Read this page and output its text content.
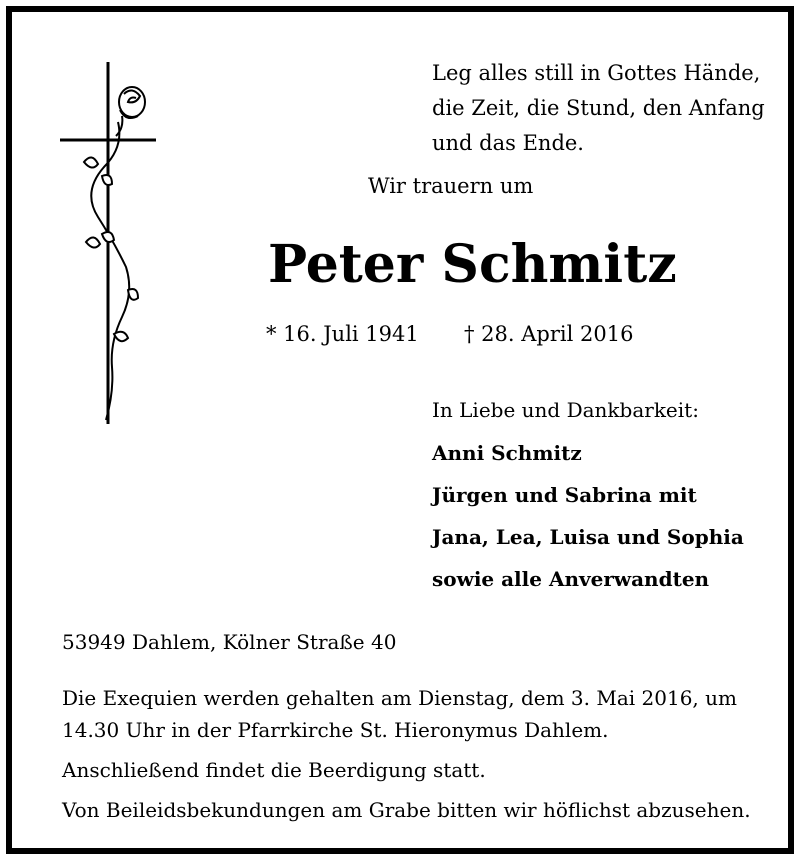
Leg alles still in Gottes Hände,
die Zeit, die Stund, den Anfang
und das Ende.
Wir trauern um
Peter Schmitz
* 16. Juli 1941 † 28. April 2016
In Liebe und Dankbarkeit:
Anni Schmitz
Jürgen und Sabrina mit
Jana, Lea, Luisa und Sophia
sowie alle Anverwandten
53949 Dahlem, Kölner Straße 40

Die Exequien werden gehalten am Dienstag, dem 3. Mai 2016, um 14.30 Uhr in der Pfarrkirche St. Hieronymus Dahlem.

Anschließend findet die Beerdigung statt.

Von Beileidsbekundungen am Grabe bitten wir höflichst abzusehen.
